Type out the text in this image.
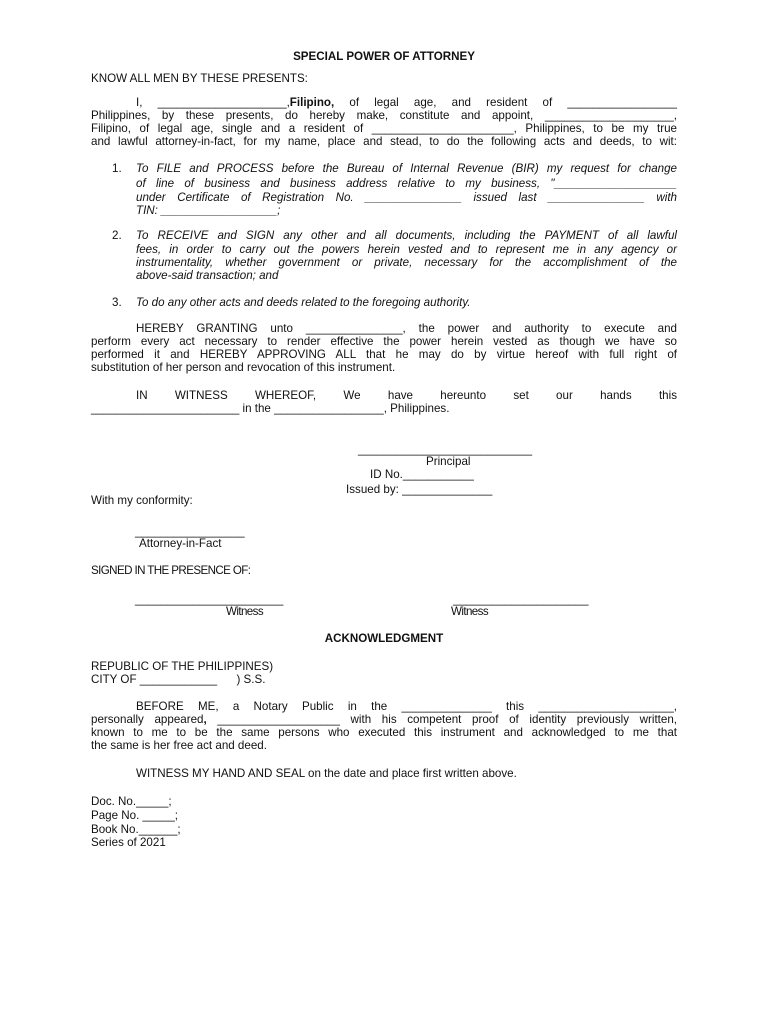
SPECIAL POWER OF ATTORNEY
KNOW ALL MEN BY THESE PRESENTS:
I, ____________________,Filipino, of legal age, and resident of _________________
Philippines, by these presents, do hereby make, constitute and appoint, ____________________,
Filipino, of legal age, single and a resident of ______________________, Philippines, to be my true
and lawful attorney-in-fact, for my name, place and stead, to do the following acts and deeds, to wit:
1. To FILE and PROCESS before the Bureau of Internal Revenue (BIR) my request for change
of line of business and business address relative to my business, "___________________
under Certificate of Registration No. _______________ issued last _______________ with
TIN: __________________;
2. To RECEIVE and SIGN any other and all documents, including the PAYMENT of all lawful
fees, in order to carry out the powers herein vested and to represent me in any agency or
instrumentality, whether government or private, necessary for the accomplishment of the
above-said transaction; and
3. To do any other acts and deeds related to the foregoing authority.
HEREBY GRANTING unto _______________, the power and authority to execute and
perform every act necessary to render effective the power herein vested as though we have so
performed it and HEREBY APPROVING ALL that he may do by virtue hereof with full right of
substitution of her person and revocation of this instrument.
IN WITNESS WHEREOF, We have hereunto set our hands this
_______________________ in the _________________, Philippines.
___________________________
Principal
ID No.___________
Issued by: ______________
With my conformity:
_________________
Attorney-in-Fact
SIGNED IN THE PRESENCE OF:
_______________________
Witness
_____________________
Witness
ACKNOWLEDGMENT
REPUBLIC OF THE PHILIPPINES)
CITY OF ____________      ) S.S.
BEFORE ME, a Notary Public in the ______________ this _____________________,
personally appeared, ___________________ with his competent proof of identity previously written,
known to me to be the same persons who executed this instrument and acknowledged to me that
the same is her free act and deed.
WITNESS MY HAND AND SEAL on the date and place first written above.
Doc. No._____;
Page No. _____;
Book No.______;
Series of 2021
